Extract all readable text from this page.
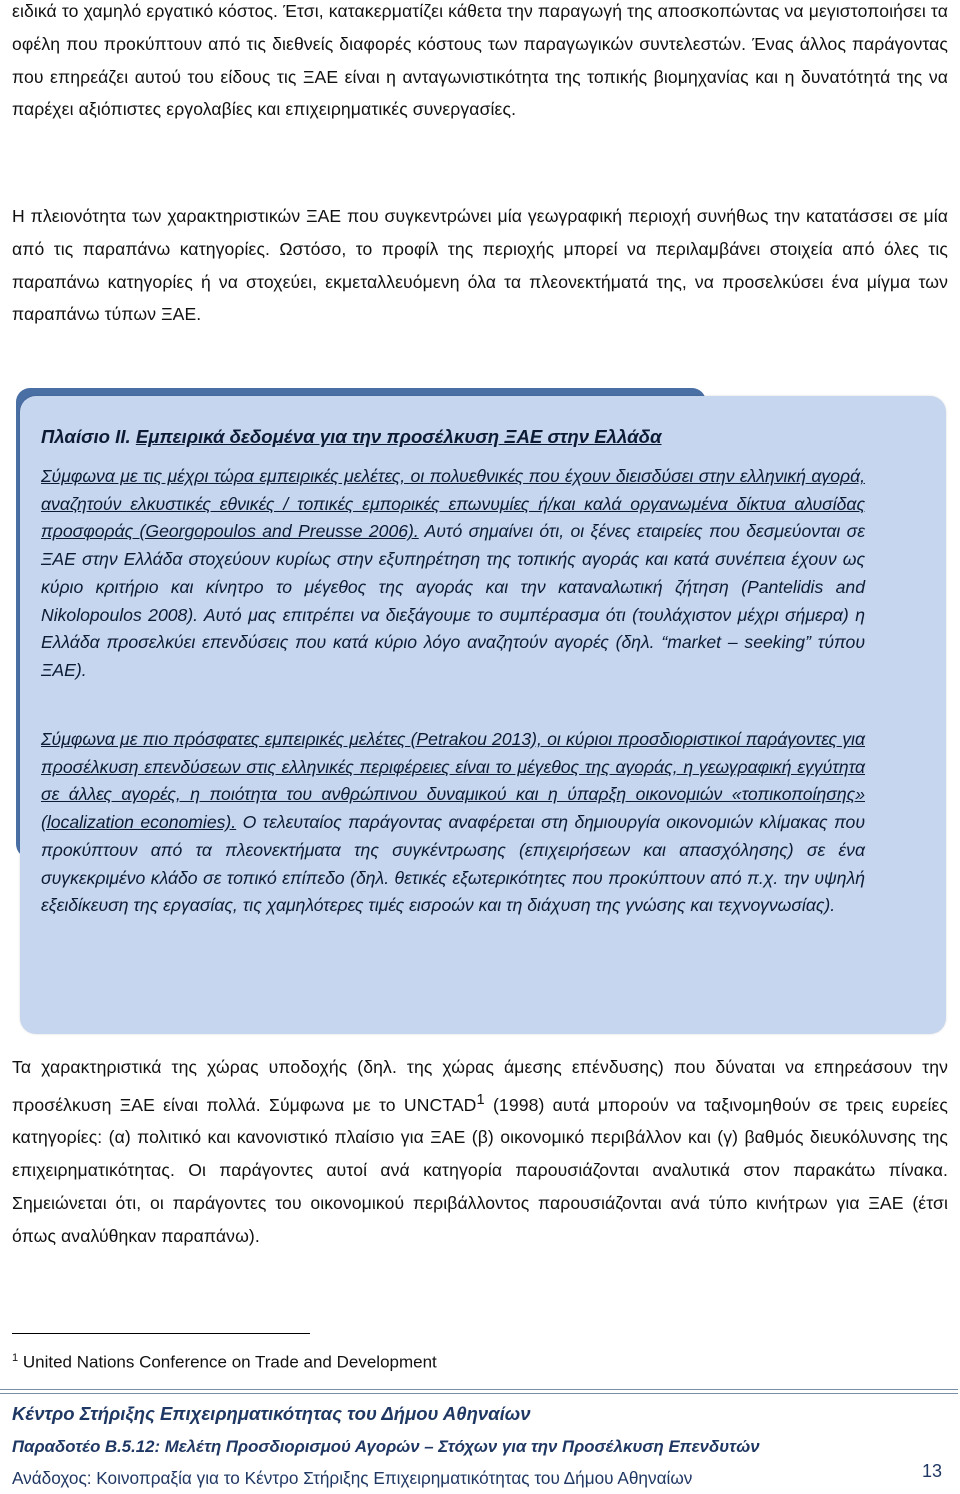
ειδικά το χαμηλό εργατικό κόστος. Έτσι, κατακερματίζει κάθετα την παραγωγή της αποσκοπώντας να μεγιστοποιήσει τα οφέλη που προκύπτουν από τις διεθνείς διαφορές κόστους των παραγωγικών συντελεστών. Ένας άλλος παράγοντας που επηρεάζει αυτού του είδους τις ΞΑΕ είναι η ανταγωνιστικότητα της τοπικής βιομηχανίας και η δυνατότητά της να παρέχει αξιόπιστες εργολαβίες και επιχειρηματικές συνεργασίες.

Η πλειονότητα των χαρακτηριστικών ΞΑΕ που συγκεντρώνει μία γεωγραφική περιοχή συνήθως την κατατάσσει σε μία από τις παραπάνω κατηγορίες. Ωστόσο, το προφίλ της περιοχής μπορεί να περιλαμβάνει στοιχεία από όλες τις παραπάνω κατηγορίες ή να στοχεύει, εκμεταλλευόμενη όλα τα πλεονεκτήματά της, να προσελκύσει ένα μίγμα των παραπάνω τύπων ΞΑΕ.

Πλαίσιο ΙΙ. Εμπειρικά δεδομένα για την προσέλκυση ΞΑΕ στην Ελλάδα

Σύμφωνα με τις μέχρι τώρα εμπειρικές μελέτες, οι πολυεθνικές που έχουν διεισδύσει στην ελληνική αγορά, αναζητούν ελκυστικές εθνικές / τοπικές εμπορικές επωνυμίες ή/και καλά οργανωμένα δίκτυα αλυσίδας προσφοράς (Georgopoulos and Preusse 2006). Αυτό σημαίνει ότι, οι ξένες εταιρείες που δεσμεύονται σε ΞΑΕ στην Ελλάδα στοχεύουν κυρίως στην εξυπηρέτηση της τοπικής αγοράς και κατά συνέπεια έχουν ως κύριο κριτήριο και κίνητρο το μέγεθος της αγοράς και την καταναλωτική ζήτηση (Pantelidis and Nikolopoulos 2008). Αυτό μας επιτρέπει να διεξάγουμε το συμπέρασμα ότι (τουλάχιστον μέχρι σήμερα) η Ελλάδα προσελκύει επενδύσεις που κατά κύριο λόγο αναζητούν αγορές (δηλ. “market – seeking” τύπου ΞΑΕ).

Σύμφωνα με πιο πρόσφατες εμπειρικές μελέτες (Petrakou 2013), οι κύριοι προσδιοριστικοί παράγοντες για προσέλκυση επενδύσεων στις ελληνικές περιφέρειες είναι το μέγεθος της αγοράς, η γεωγραφική εγγύτητα σε άλλες αγορές, η ποιότητα του ανθρώπινου δυναμικού και η ύπαρξη οικονομιών «τοπικοποίησης» (localization economies). Ο τελευταίος παράγοντας αναφέρεται στη δημιουργία οικονομιών κλίμακας που προκύπτουν από τα πλεονεκτήματα της συγκέντρωσης (επιχειρήσεων και απασχόλησης) σε ένα συγκεκριμένο κλάδο σε τοπικό επίπεδο (δηλ. θετικές εξωτερικότητες που προκύπτουν από π.χ. την υψηλή εξειδίκευση της εργασίας, τις χαμηλότερες τιμές εισροών και τη διάχυση της γνώσης και τεχνογνωσίας).

Τα χαρακτηριστικά της χώρας υποδοχής (δηλ. της χώρας άμεσης επένδυσης) που δύναται να επηρεάσουν την προσέλκυση ΞΑΕ είναι πολλά. Σύμφωνα με το UNCTAD$^1$ (1998) αυτά μπορούν να ταξινομηθούν σε τρεις ευρείες κατηγορίες: (α) πολιτικό και κανονιστικό πλαίσιο για ΞΑΕ (β) οικονομικό περιβάλλον και (γ) βαθμός διευκόλυνσης της επιχειρηματικότητας. Οι παράγοντες αυτοί ανά κατηγορία παρουσιάζονται αναλυτικά στον παρακάτω πίνακα. Σημειώνεται ότι, οι παράγοντες του οικονομικού περιβάλλοντος παρουσιάζονται ανά τύπο κινήτρων για ΞΑΕ (έτσι όπως αναλύθηκαν παραπάνω).

$^1$ United Nations Conference on Trade and Development

Κέντρο Στήριξης Επιχειρηματικότητας του Δήμου Αθηναίων

Παραδοτέο Β.5.12: Μελέτη Προσδιορισμού Αγορών – Στόχων για την Προσέλκυση Επενδυτών

Ανάδοχος: Κοινοπραξία για το Κέντρο Στήριξης Επιχειρηματικότητας του Δήμου Αθηναίων	13
